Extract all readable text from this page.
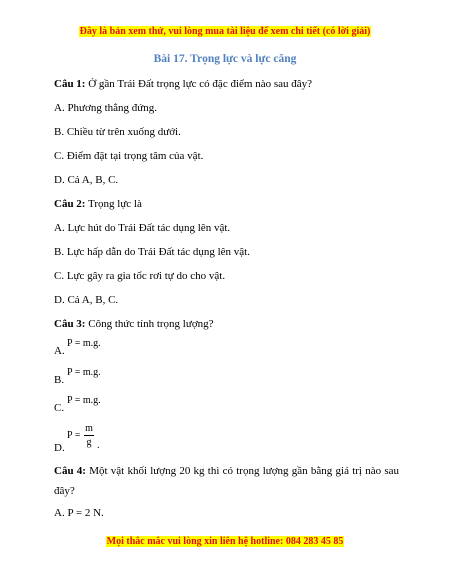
Đây là bản xem thử, vui lòng mua tài liệu để xem chi tiết (có lời giải)
Bài 17. Trọng lực và lực căng
Câu 1: Ở gần Trái Đất trọng lực có đặc điểm nào sau đây?
A. Phương thẳng đứng.
B. Chiều từ trên xuống dưới.
C. Điểm đặt tại trọng tâm của vật.
D. Cả A, B, C.
Câu 2: Trọng lực là
A. Lực hút do Trái Đất tác dụng lên vật.
B. Lực hấp dẫn do Trái Đất tác dụng lên vật.
C. Lực gây ra gia tốc rơi tự do cho vật.
D. Cả A, B, C.
Câu 3: Công thức tính trọng lượng?
A.
P = m.g.
B.
P = m.g.
C.
P = m.g.
D.
P =
m
g .
Câu 4: Một vật khối lượng 20 kg thì có trọng lượng gần bằng giá trị nào sau đây?
A. P = 2 N.
Mọi thắc mắc vui lòng xin liên hệ hotline: 084 283 45 85
